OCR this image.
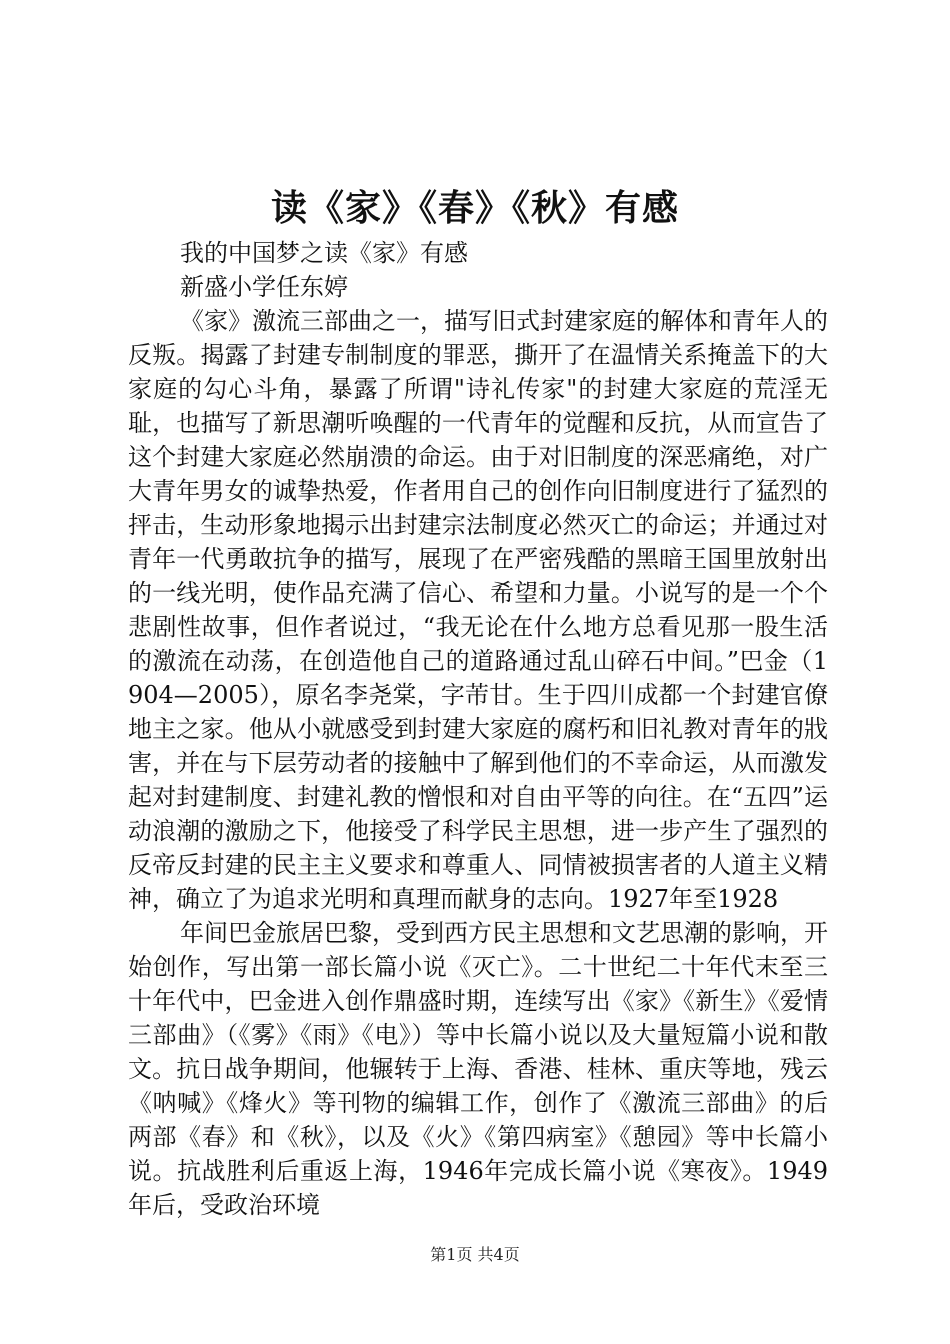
读《家》《春》《秋》有感

我的中国梦之读《家》有感

新盛小学任东婷

《家》激流三部曲之一，描写旧式封建家庭的解体和青年人的反叛。揭露了封建专制制度的罪恶，撕开了在温情关系掩盖下的大家庭的勾心斗角，暴露了所谓"诗礼传家"的封建大家庭的荒淫无耻，也描写了新思潮听唤醒的一代青年的觉醒和反抗，从而宣告了这个封建大家庭必然崩溃的命运。由于对旧制度的深恶痛绝，对广大青年男女的诚挚热爱，作者用自己的创作向旧制度进行了猛烈的抨击，生动形象地揭示出封建宗法制度必然灭亡的命运；并通过对青年一代勇敢抗争的描写，展现了在严密残酷的黑暗王国里放射出的一线光明，使作品充满了信心、希望和力量。小说写的是一个个悲剧性故事，但作者说过，“我无论在什么地方总看见那一股生活的激流在动荡，在创造他自己的道路通过乱山碎石中间。”巴金（1904—2005），原名李尧棠，字芾甘。生于四川成都一个封建官僚地主之家。他从小就感受到封建大家庭的腐朽和旧礼教对青年的戕害，并在与下层劳动者的接触中了解到他们的不幸命运，从而激发起对封建制度、封建礼教的憎恨和对自由平等的向往。在“五四”运动浪潮的激励之下，他接受了科学民主思想，进一步产生了强烈的反帝反封建的民主主义要求和尊重人、同情被损害者的人道主义精神，确立了为追求光明和真理而献身的志向。1927年至1928

年间巴金旅居巴黎，受到西方民主思想和文艺思潮的影响，开始创作，写出第一部长篇小说《灭亡》。二十世纪二十年代末至三十年代中，巴金进入创作鼎盛时期，连续写出《家》《新生》《爱情三部曲》（《雾》《雨》《电》）等中长篇小说以及大量短篇小说和散文。抗日战争期间，他辗转于上海、香港、桂林、重庆等地，残云《呐喊》《烽火》等刊物的编辑工作，创作了《激流三部曲》的后两部《春》和《秋》，以及《火》《第四病室》《憩园》等中长篇小说。抗战胜利后重返上海，1946年完成长篇小说《寒夜》。1949年后，受政治环境

第1页 共4页
